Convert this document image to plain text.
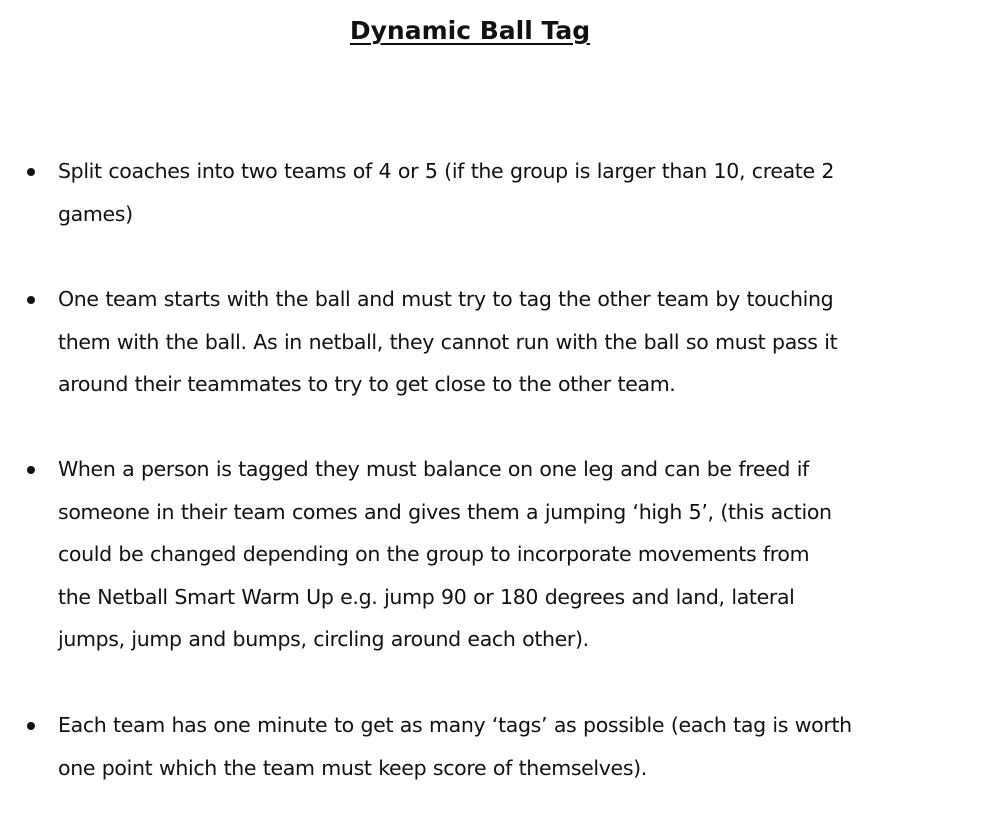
Dynamic Ball Tag
Split coaches into two teams of 4 or 5 (if the group is larger than 10, create 2
games)
One team starts with the ball and must try to tag the other team by touching
them with the ball. As in netball, they cannot run with the ball so must pass it
around their teammates to try to get close to the other team.
When a person is tagged they must balance on one leg and can be freed if
someone in their team comes and gives them a jumping ‘high 5’, (this action
could be changed depending on the group to incorporate movements from
the Netball Smart Warm Up e.g. jump 90 or 180 degrees and land, lateral
jumps, jump and bumps, circling around each other).
Each team has one minute to get as many ‘tags’ as possible (each tag is worth
one point which the team must keep score of themselves).
